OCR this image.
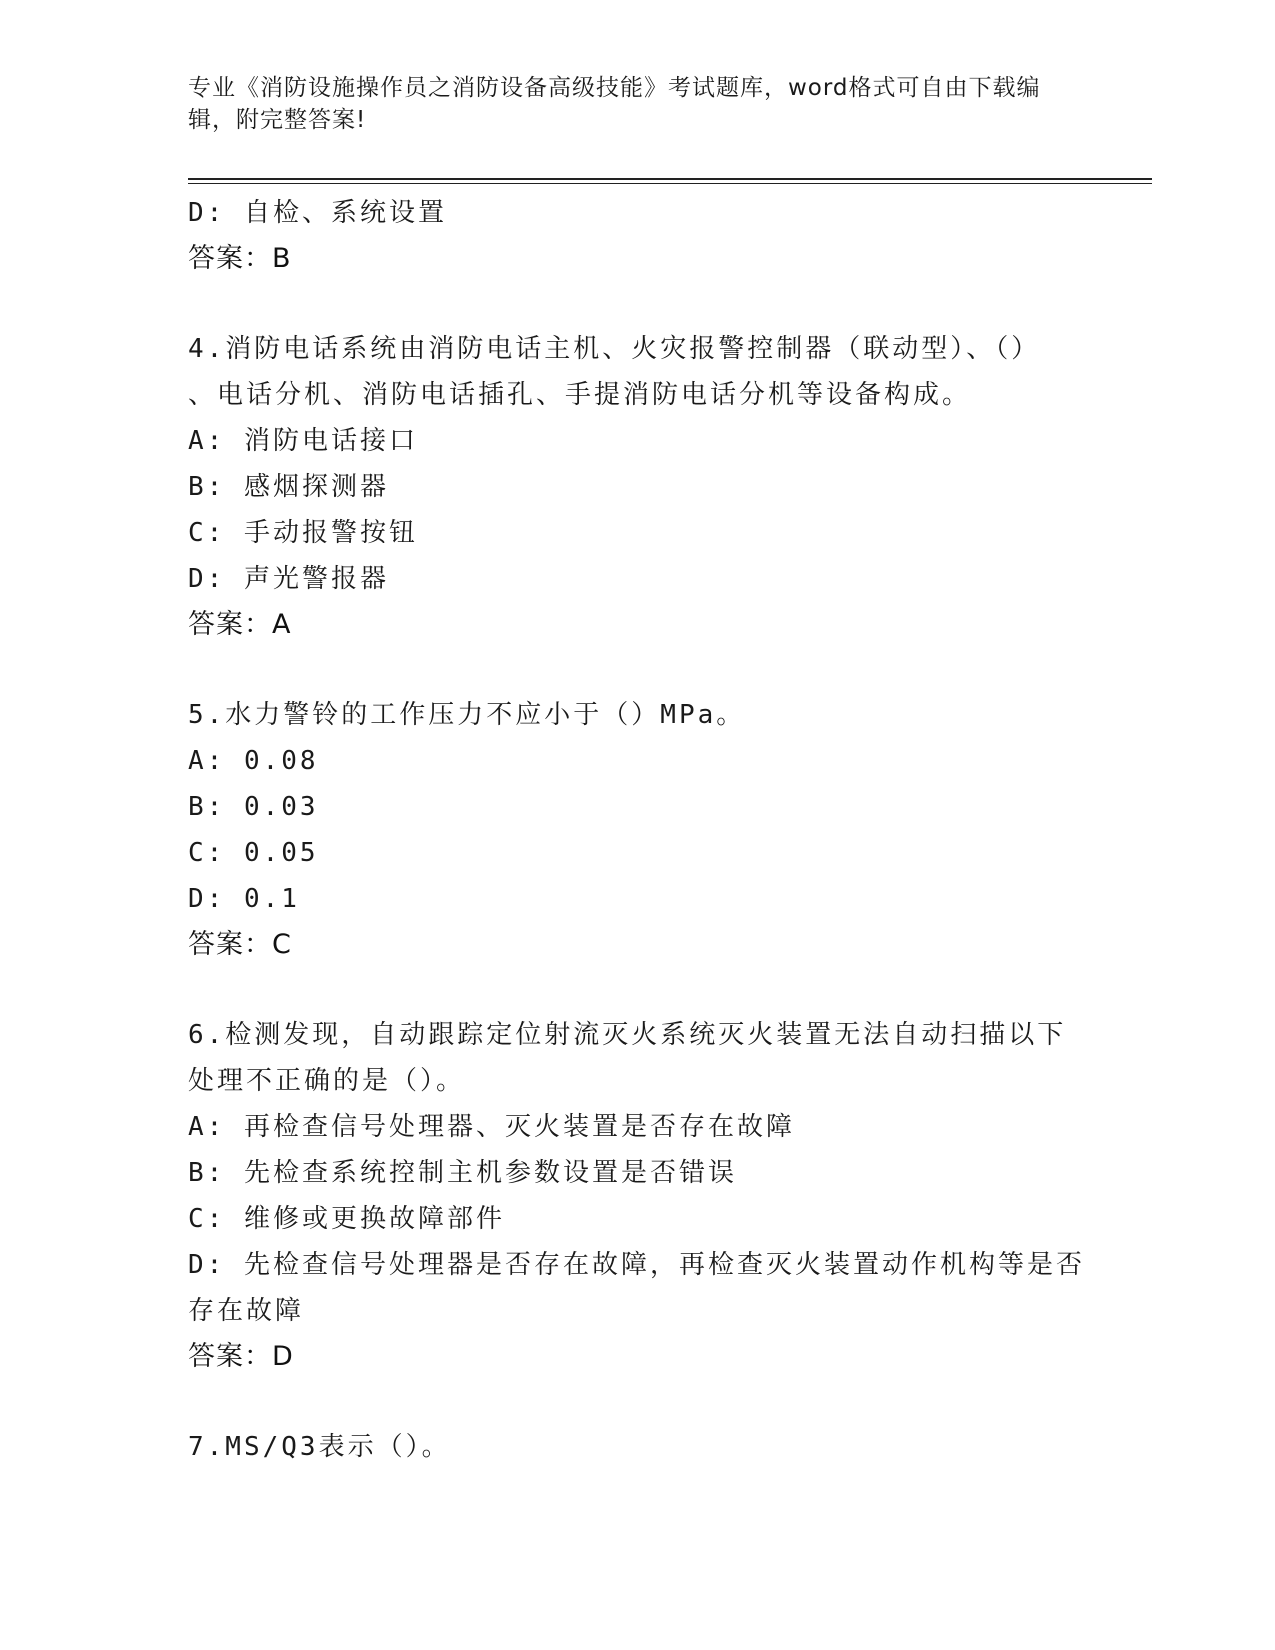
专业《消防设施操作员之消防设备高级技能》考试题库，word格式可自由下载编
辑，附完整答案!
D: 自检、系统设置
答案：B
4.消防电话系统由消防电话主机、火灾报警控制器（联动型）、（）
、电话分机、消防电话插孔、手提消防电话分机等设备构成。
A: 消防电话接口
B: 感烟探测器
C: 手动报警按钮
D: 声光警报器
答案：A
5.水力警铃的工作压力不应小于（）MPa。
A: 0.08
B: 0.03
C: 0.05
D: 0.1
答案：C
6.检测发现，自动跟踪定位射流灭火系统灭火装置无法自动扫描以下
处理不正确的是（）。
A: 再检查信号处理器、灭火装置是否存在故障
B: 先检查系统控制主机参数设置是否错误
C: 维修或更换故障部件
D: 先检查信号处理器是否存在故障，再检查灭火装置动作机构等是否
存在故障
答案：D
7.MS/Q3表示（）。
